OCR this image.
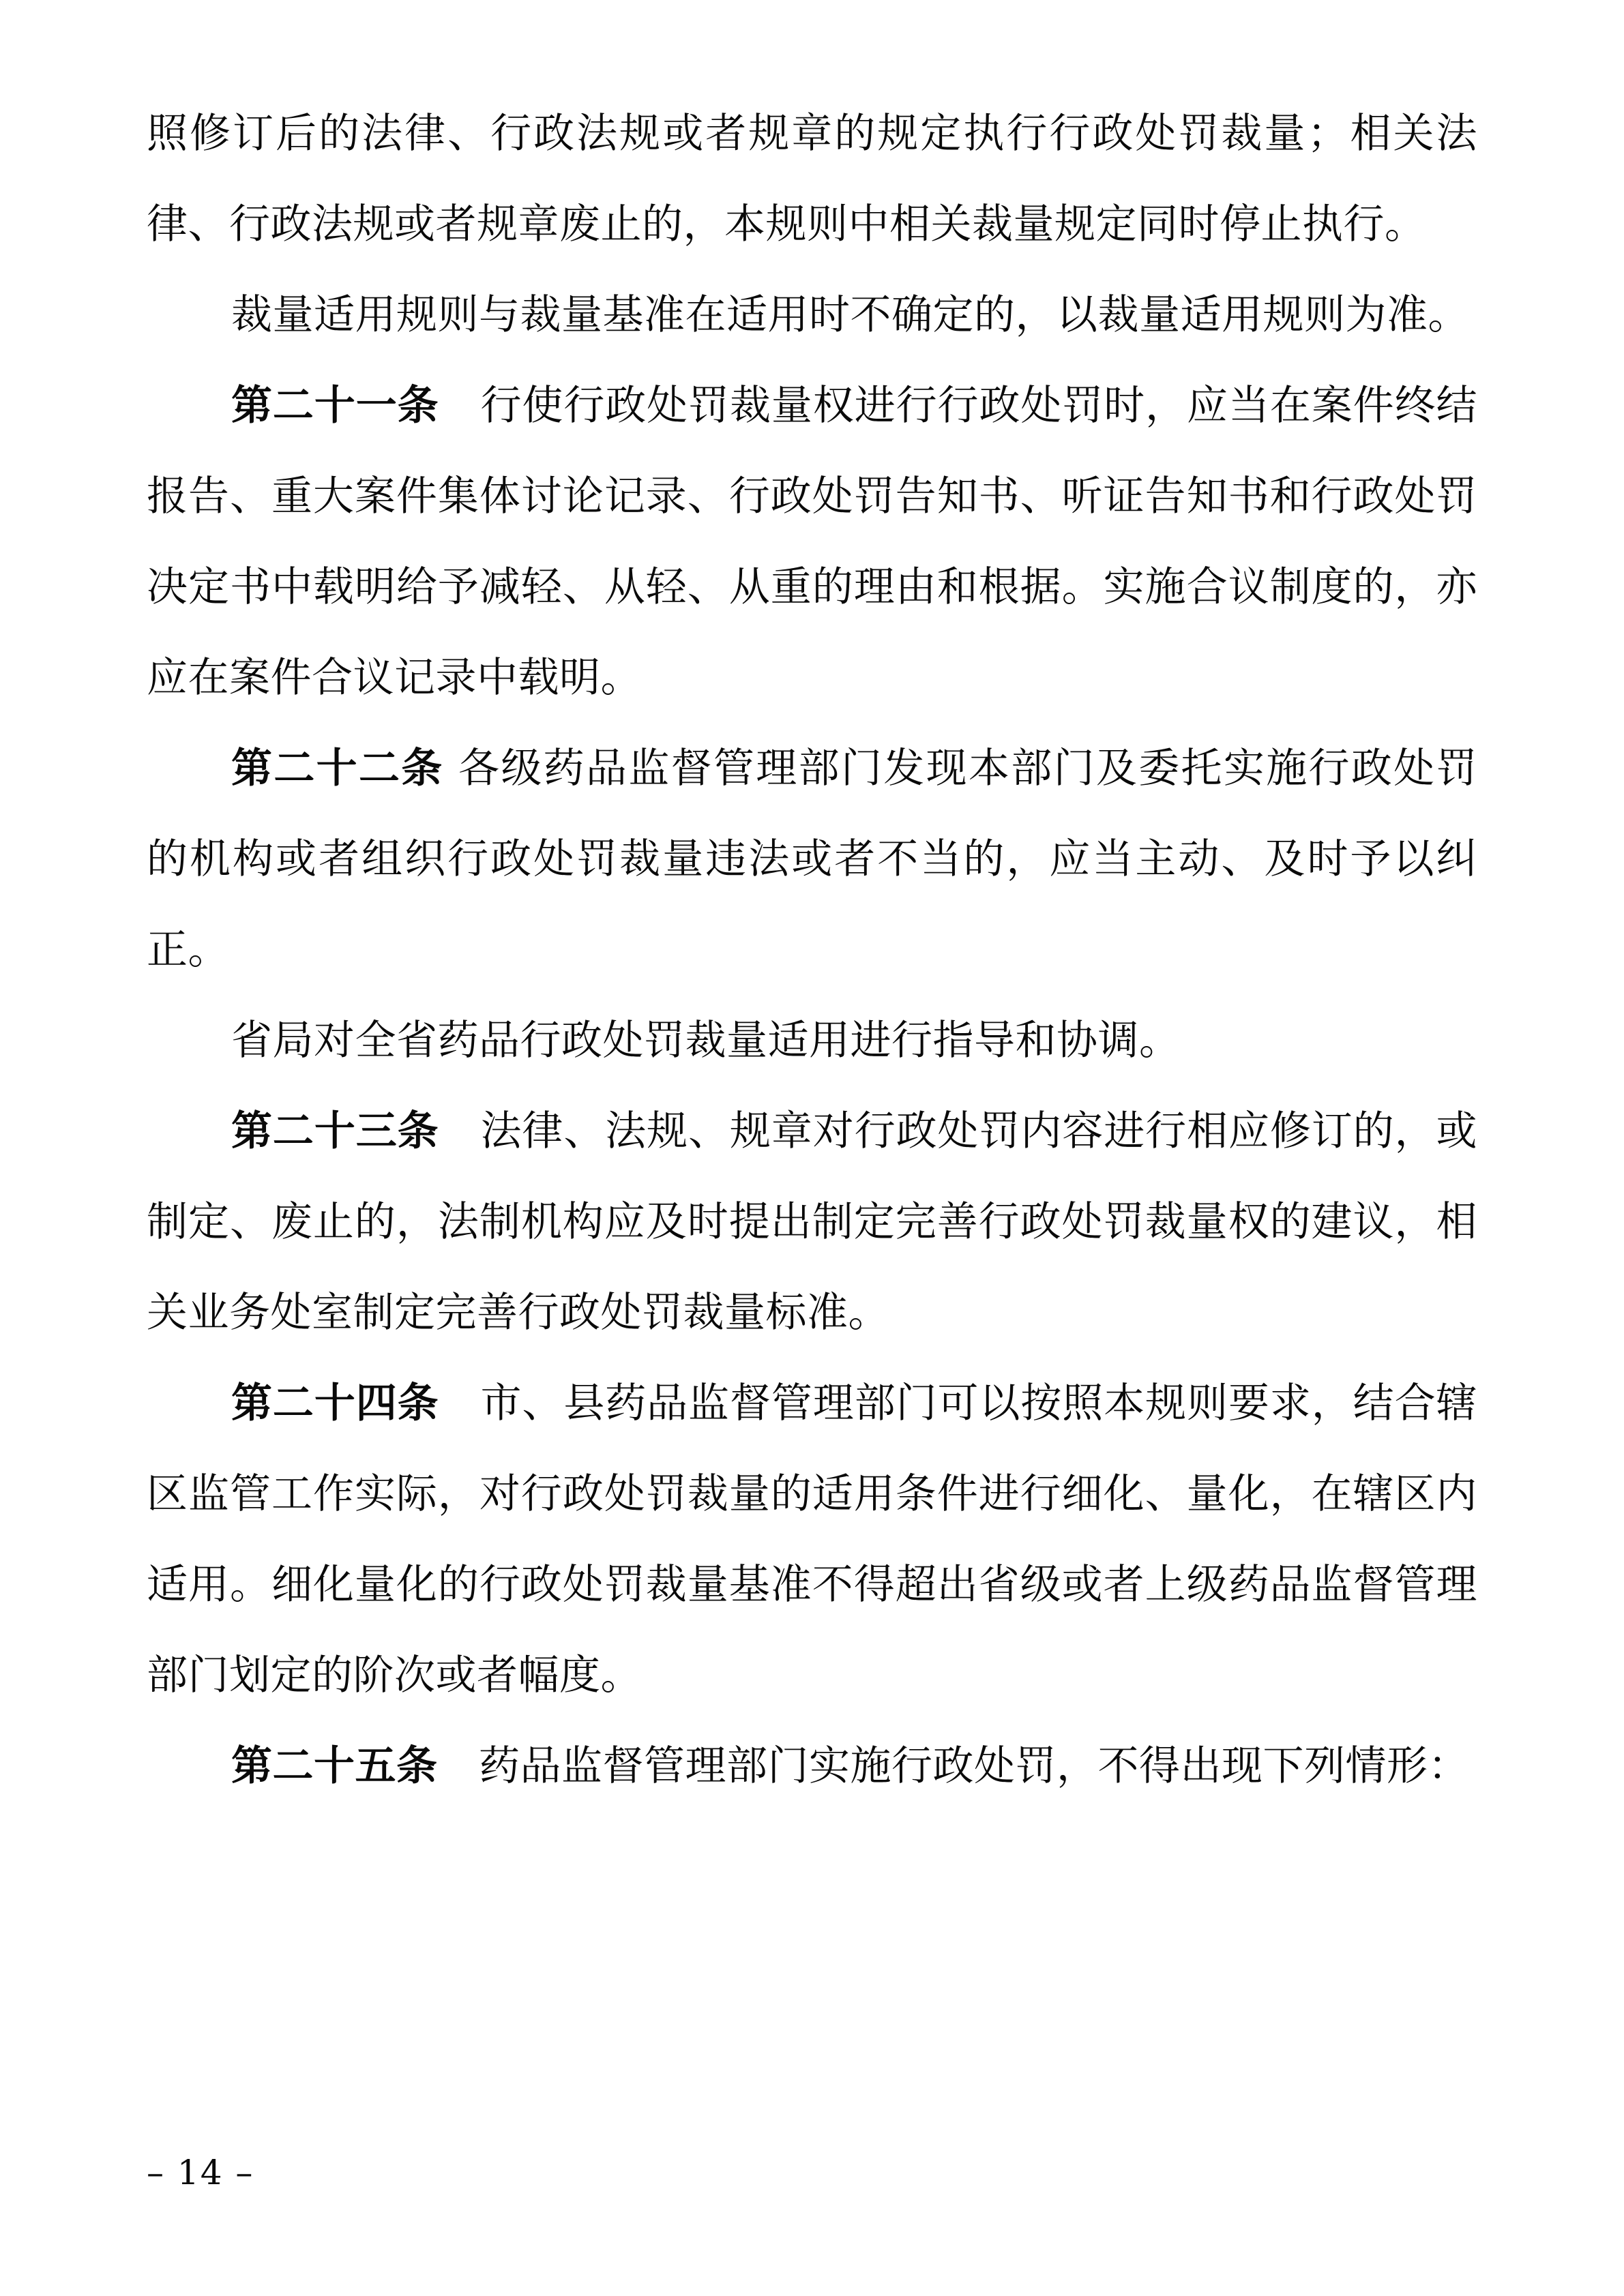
照修订后的法律、行政法规或者规章的规定执行行政处罚裁量；相关法律、行政法规或者规章废止的，本规则中相关裁量规定同时停止执行。

裁量适用规则与裁量基准在适用时不确定的，以裁量适用规则为准。

第二十一条　行使行政处罚裁量权进行行政处罚时，应当在案件终结报告、重大案件集体讨论记录、行政处罚告知书、听证告知书和行政处罚决定书中载明给予减轻、从轻、从重的理由和根据。实施合议制度的，亦应在案件合议记录中载明。

第二十二条 各级药品监督管理部门发现本部门及委托实施行政处罚的机构或者组织行政处罚裁量违法或者不当的，应当主动、及时予以纠正。

省局对全省药品行政处罚裁量适用进行指导和协调。

第二十三条　法律、法规、规章对行政处罚内容进行相应修订的，或制定、废止的，法制机构应及时提出制定完善行政处罚裁量权的建议，相关业务处室制定完善行政处罚裁量标准。

第二十四条　市、县药品监督管理部门可以按照本规则要求，结合辖区监管工作实际，对行政处罚裁量的适用条件进行细化、量化，在辖区内适用。细化量化的行政处罚裁量基准不得超出省级或者上级药品监督管理部门划定的阶次或者幅度。

第二十五条　药品监督管理部门实施行政处罚，不得出现下列情形：

– 14 –
